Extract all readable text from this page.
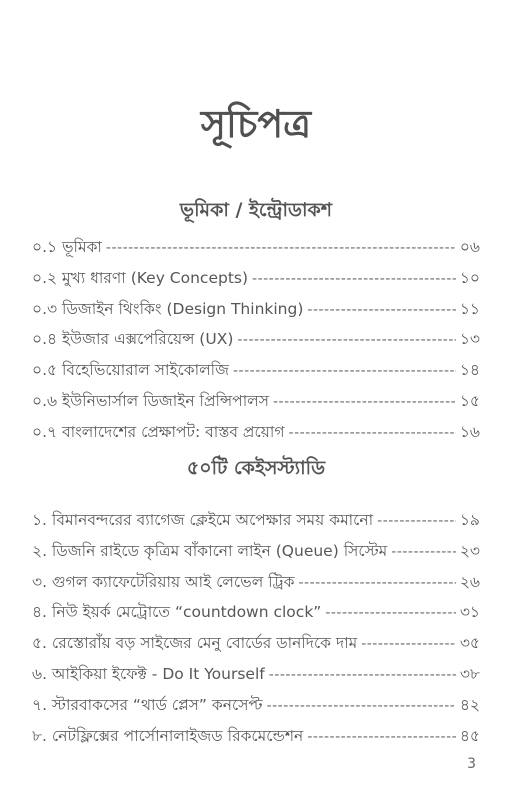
সূচিপত্র
ভূমিকা / ইন্ট্রোডাকশ
০.১ ভূমিকা -----	০৬
০.২ মুখ্য ধারণা (Key Concepts) -----	১০
০.৩ ডিজাইন থিংকিং (Design Thinking) -----	১১
০.৪ ইউজার এক্সপেরিয়েন্স (UX) -----	১৩
০.৫ বিহেভিয়োরাল সাইকোলজি -----	১৪
০.৬ ইউনিভার্সাল ডিজাইন প্রিন্সিপালস -----	১৫
০.৭ বাংলাদেশের প্রেক্ষাপট: বাস্তব প্রয়োগ -----	১৬
৫০টি কেইসস্ট্যাডি
১. বিমানবন্দরের ব্যাগেজ ক্লেইমে অপেক্ষার সময় কমানো -----	১৯
২. ডিজনি রাইডে কৃত্রিম বাঁকানো লাইন (Queue) সিস্টেম -----	২৩
৩. গুগল ক্যাফেটেরিয়ায় আই লেভেল ট্রিক -----	২৬
৪. নিউ ইয়র্ক মেট্রোতে “countdown clock” -----	৩১
৫. রেস্তোরাঁয় বড় সাইজের মেনু বোর্ডের ডানদিকে দাম -----	৩৫
৬. আইকিয়া ইফেক্ট - Do It Yourself -----	৩৮
৭. স্টারবাকসের “থার্ড প্লেস” কনসেপ্ট -----	৪২
৮. নেটফ্লিক্সের পার্সোনালাইজড রিকমেন্ডেশন -----	৪৫
3
